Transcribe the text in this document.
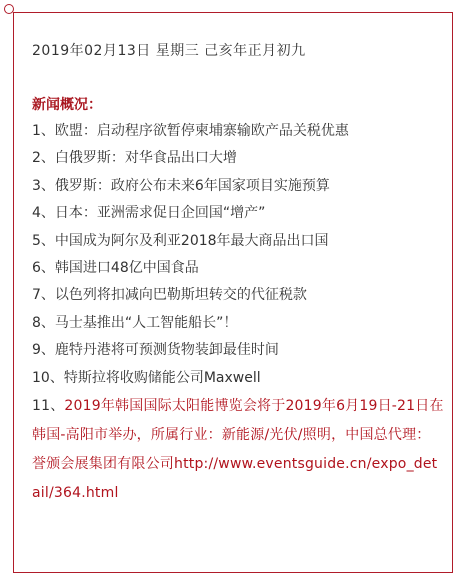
2019年02月13日 星期三 己亥年正月初九
新闻概况：
1、欧盟：启动程序欲暂停柬埔寨输欧产品关税优惠
2、白俄罗斯：对华食品出口大增
3、俄罗斯：政府公布未来6年国家项目实施预算
4、日本：亚洲需求促日企回国“增产”
5、中国成为阿尔及利亚2018年最大商品出口国
6、韩国进口48亿中国食品
7、以色列将扣减向巴勒斯坦转交的代征税款
8、马士基推出“人工智能船长”！
9、鹿特丹港将可预测货物装卸最佳时间
10、特斯拉将收购储能公司Maxwell
11、2019年韩国国际太阳能博览会将于2019年6月19日-21日在韩国-高阳市举办，所属行业：新能源/光伏/照明，中国总代理：誉颁会展集团有限公司http://www.eventsguide.cn/expo_detail/364.html
